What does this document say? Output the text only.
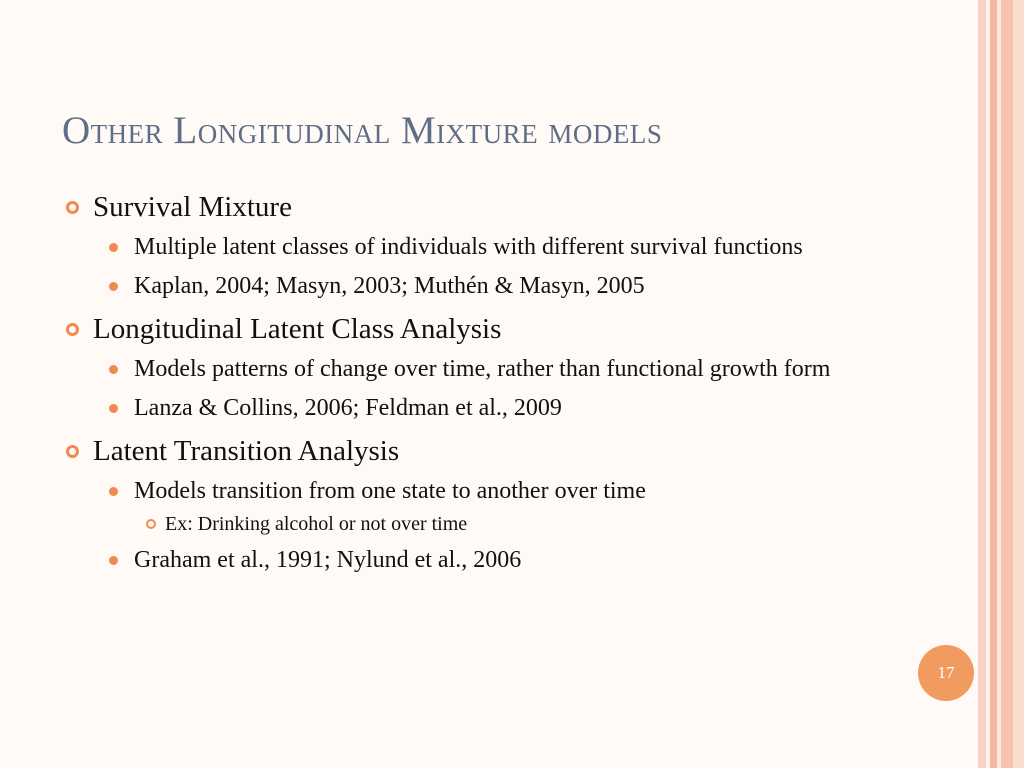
Other Longitudinal Mixture models
Survival Mixture
Multiple latent classes of individuals with different survival functions
Kaplan, 2004; Masyn, 2003; Muthén & Masyn, 2005
Longitudinal Latent Class Analysis
Models patterns of change over time, rather than functional growth form
Lanza & Collins, 2006; Feldman et al., 2009
Latent Transition Analysis
Models transition from one state to another over time
Ex: Drinking alcohol or not over time
Graham et al., 1991; Nylund et al., 2006
17
